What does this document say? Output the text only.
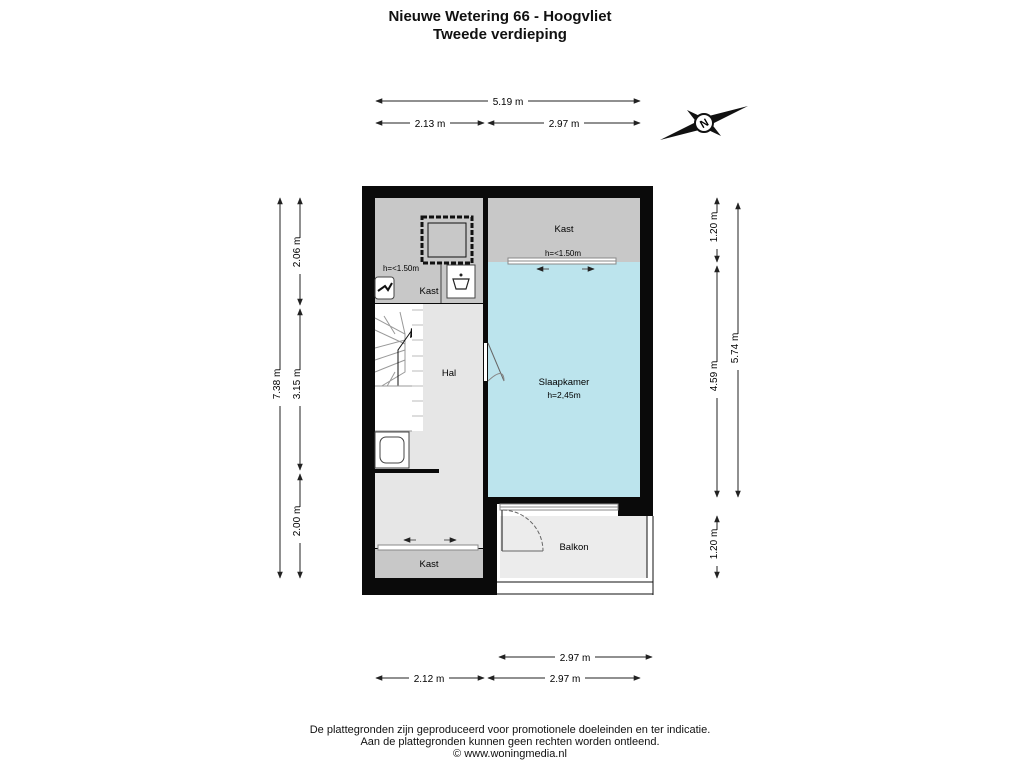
Nieuwe Wetering 66 - Hoogvliet
Tweede verdieping
5.19 m
2.13 m	2.97 m
2.97 m
2.12 m	2.97 m
7.38 m
2.06 m
3.15 m
2.00 m
1.20 m
4.59 m
5.74 m
1.20 m
N
Kast
h=<1.50m
h=<1.50m
Kast
Hal
Slaapkamer
h=2,45m
Balkon
Kast
De plattegronden zijn geproduceerd voor promotionele doeleinden en ter indicatie.
Aan de plattegronden kunnen geen rechten worden ontleend.
© www.woningmedia.nl
